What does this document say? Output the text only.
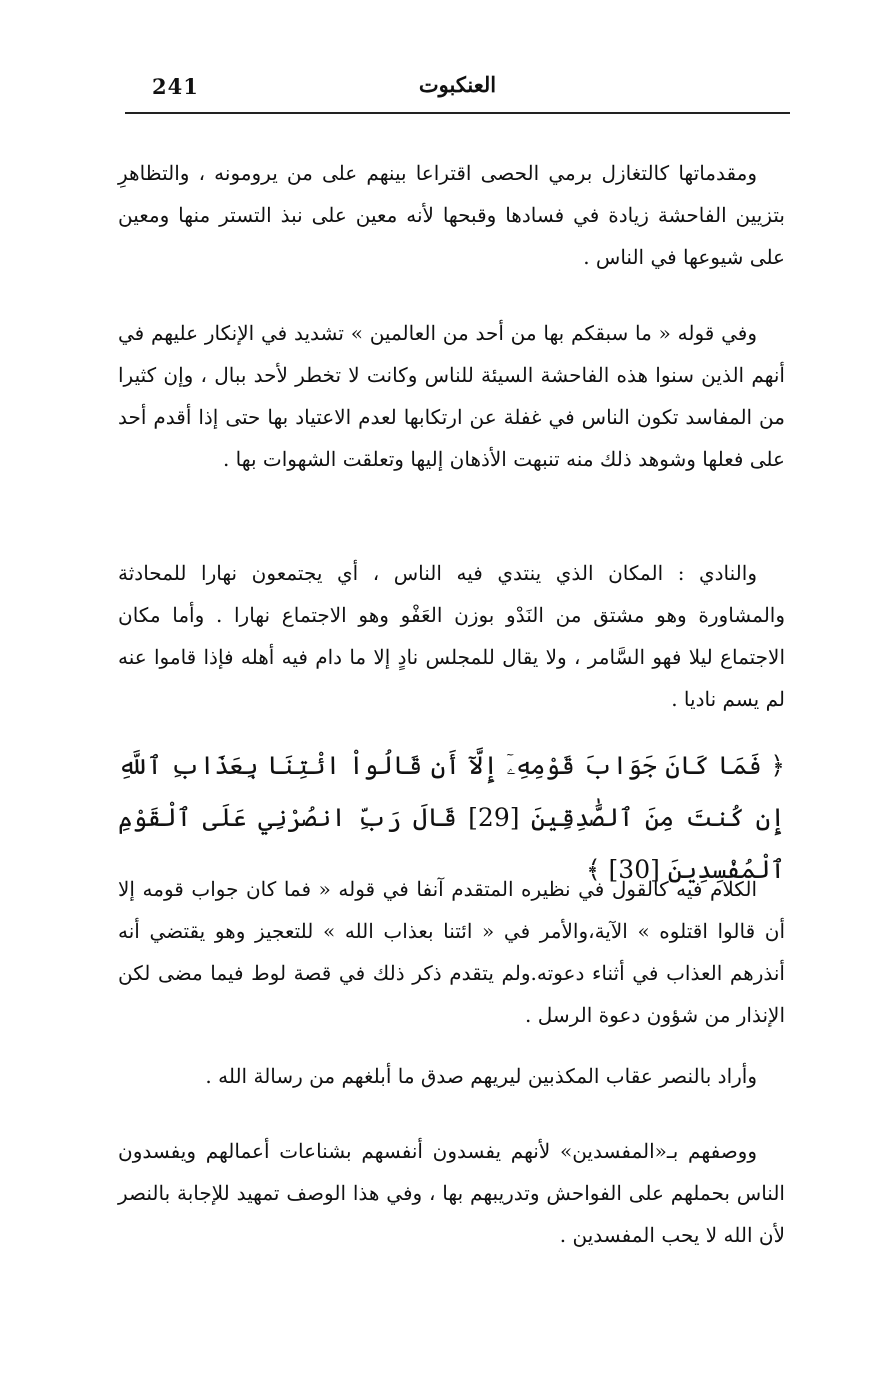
241	العنكبوت
ومقدماتها كالتغازل برمي الحصى اقتراعا بينهم على من يرومونه ، والتظاهرِ بتزيين الفاحشة زيادة في فسادها وقبحها لأنه معين على نبذ التستر منها ومعين على شيوعها في الناس .
وفي قوله « ما سبقكم بها من أحد من العالمين » تشديد في الإنكار عليهم في أنهم الذين سنوا هذه الفاحشة السيئة للناس وكانت لا تخطر لأحد ببال ، وإن كثيرا من المفاسد تكون الناس في غفلة عن ارتكابها لعدم الاعتياد بها حتى إذا أقدم أحد على فعلها وشوهد ذلك منه تنبهت الأذهان إليها وتعلقت الشهوات بها .
والنادي : المكان الذي ينتدي فيه الناس ، أي يجتمعون نهارا للمحادثة والمشاورة وهو مشتق من النَدْو بوزن العَفْو وهو الاجتماع نهارا . وأما مكان الاجتماع ليلا فهو السَّامر ، ولا يقال للمجلس نادٍ إلا ما دام فيه أهله فإذا قاموا عنه لم يسم ناديا .
﴿ فَمَا كَانَ جَوَابَ قَوْمِهِۦٓ إِلَّآ أَن قَالُواْ ائْتِنَا بِعَذَابِ ٱللَّهِ إِن كُنتَ مِنَ ٱلصَّٰدِقِينَ [29] قَالَ رَبِّ انصُرْنِي عَلَى ٱلْقَوْمِ ٱلْمُفْسِدِينَ [30] ﴾
الكلام فيه كالقول في نظيره المتقدم آنفا في قوله « فما كان جواب قومه إلا أن قالوا اقتلوه » الآية،والأمر في « ائتنا بعذاب الله » للتعجيز وهو يقتضي أنه أنذرهم العذاب في أثناء دعوته.ولم يتقدم ذكر ذلك في قصة لوط فيما مضى لكن الإنذار من شؤون دعوة الرسل .
وأراد بالنصر عقاب المكذبين ليريهم صدق ما أبلغهم من رسالة الله .
ووصفهم بـ«المفسدين» لأنهم يفسدون أنفسهم بشناعات أعمالهم ويفسدون الناس بحملهم على الفواحش وتدريبهم بها ، وفي هذا الوصف تمهيد للإجابة بالنصر لأن الله لا يحب المفسدين .
